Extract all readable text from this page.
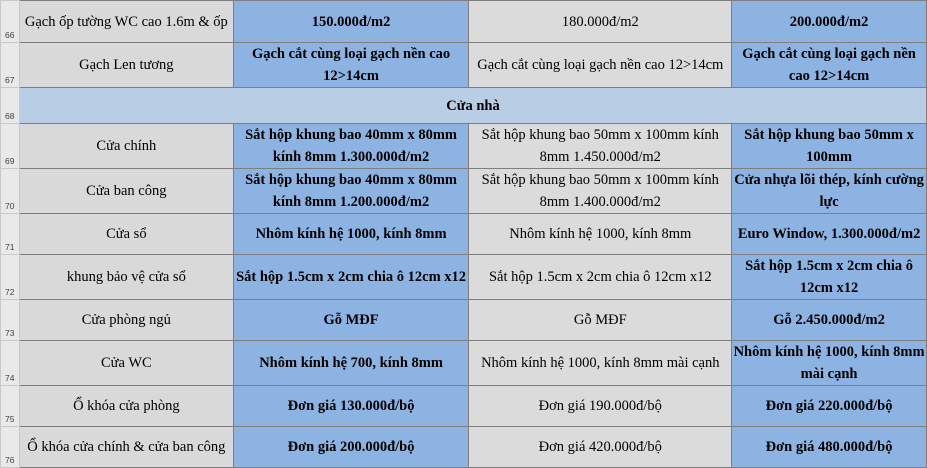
66	Gạch ốp tường WC cao 1.6m & ốp	150.000đ/m2	180.000đ/m2	200.000đ/m2
67	Gạch Len tương	Gạch cắt cùng loại gạch nền cao 12>14cm	Gạch cắt cùng loại gạch nền cao 12>14cm	Gạch cắt cùng loại gạch nền cao 12>14cm
68	Cửa nhà			
69	Cửa chính	Sắt hộp khung bao 40mm x 80mm kính 8mm 1.300.000đ/m2	Sắt hộp khung bao 50mm x 100mm kính 8mm 1.450.000đ/m2	Sắt hộp khung bao 50mm x 100mm
70	Cửa ban công	Sắt hộp khung bao 40mm x 80mm kính 8mm 1.200.000đ/m2	Sắt hộp khung bao 50mm x 100mm kính 8mm 1.400.000đ/m2	Cửa nhựa lõi thép, kính cường lực
71	Cửa sổ	Nhôm kính hệ 1000, kính 8mm	Nhôm kính hệ 1000, kính 8mm	Euro Window, 1.300.000đ/m2
72	khung bảo vệ cửa sổ	Sắt hộp 1.5cm x 2cm chia ô 12cm x12	Sắt hộp 1.5cm x 2cm chia ô 12cm x12	Sắt hộp 1.5cm x 2cm chia ô 12cm x12
73	Cửa phòng ngủ	Gỗ MĐF	Gỗ MĐF	Gỗ 2.450.000đ/m2
74	Cửa WC	Nhôm kính hệ 700, kính 8mm	Nhôm kính hệ 1000, kính 8mm mài cạnh	Nhôm kính hệ 1000, kính 8mm mài cạnh
75	Ổ khóa cửa phòng	Đơn giá 130.000đ/bộ	Đơn giá 190.000đ/bộ	Đơn giá 220.000đ/bộ
76	Ổ khóa cửa chính & cửa ban công	Đơn giá 200.000đ/bộ	Đơn giá 420.000đ/bộ	Đơn giá 480.000đ/bộ
